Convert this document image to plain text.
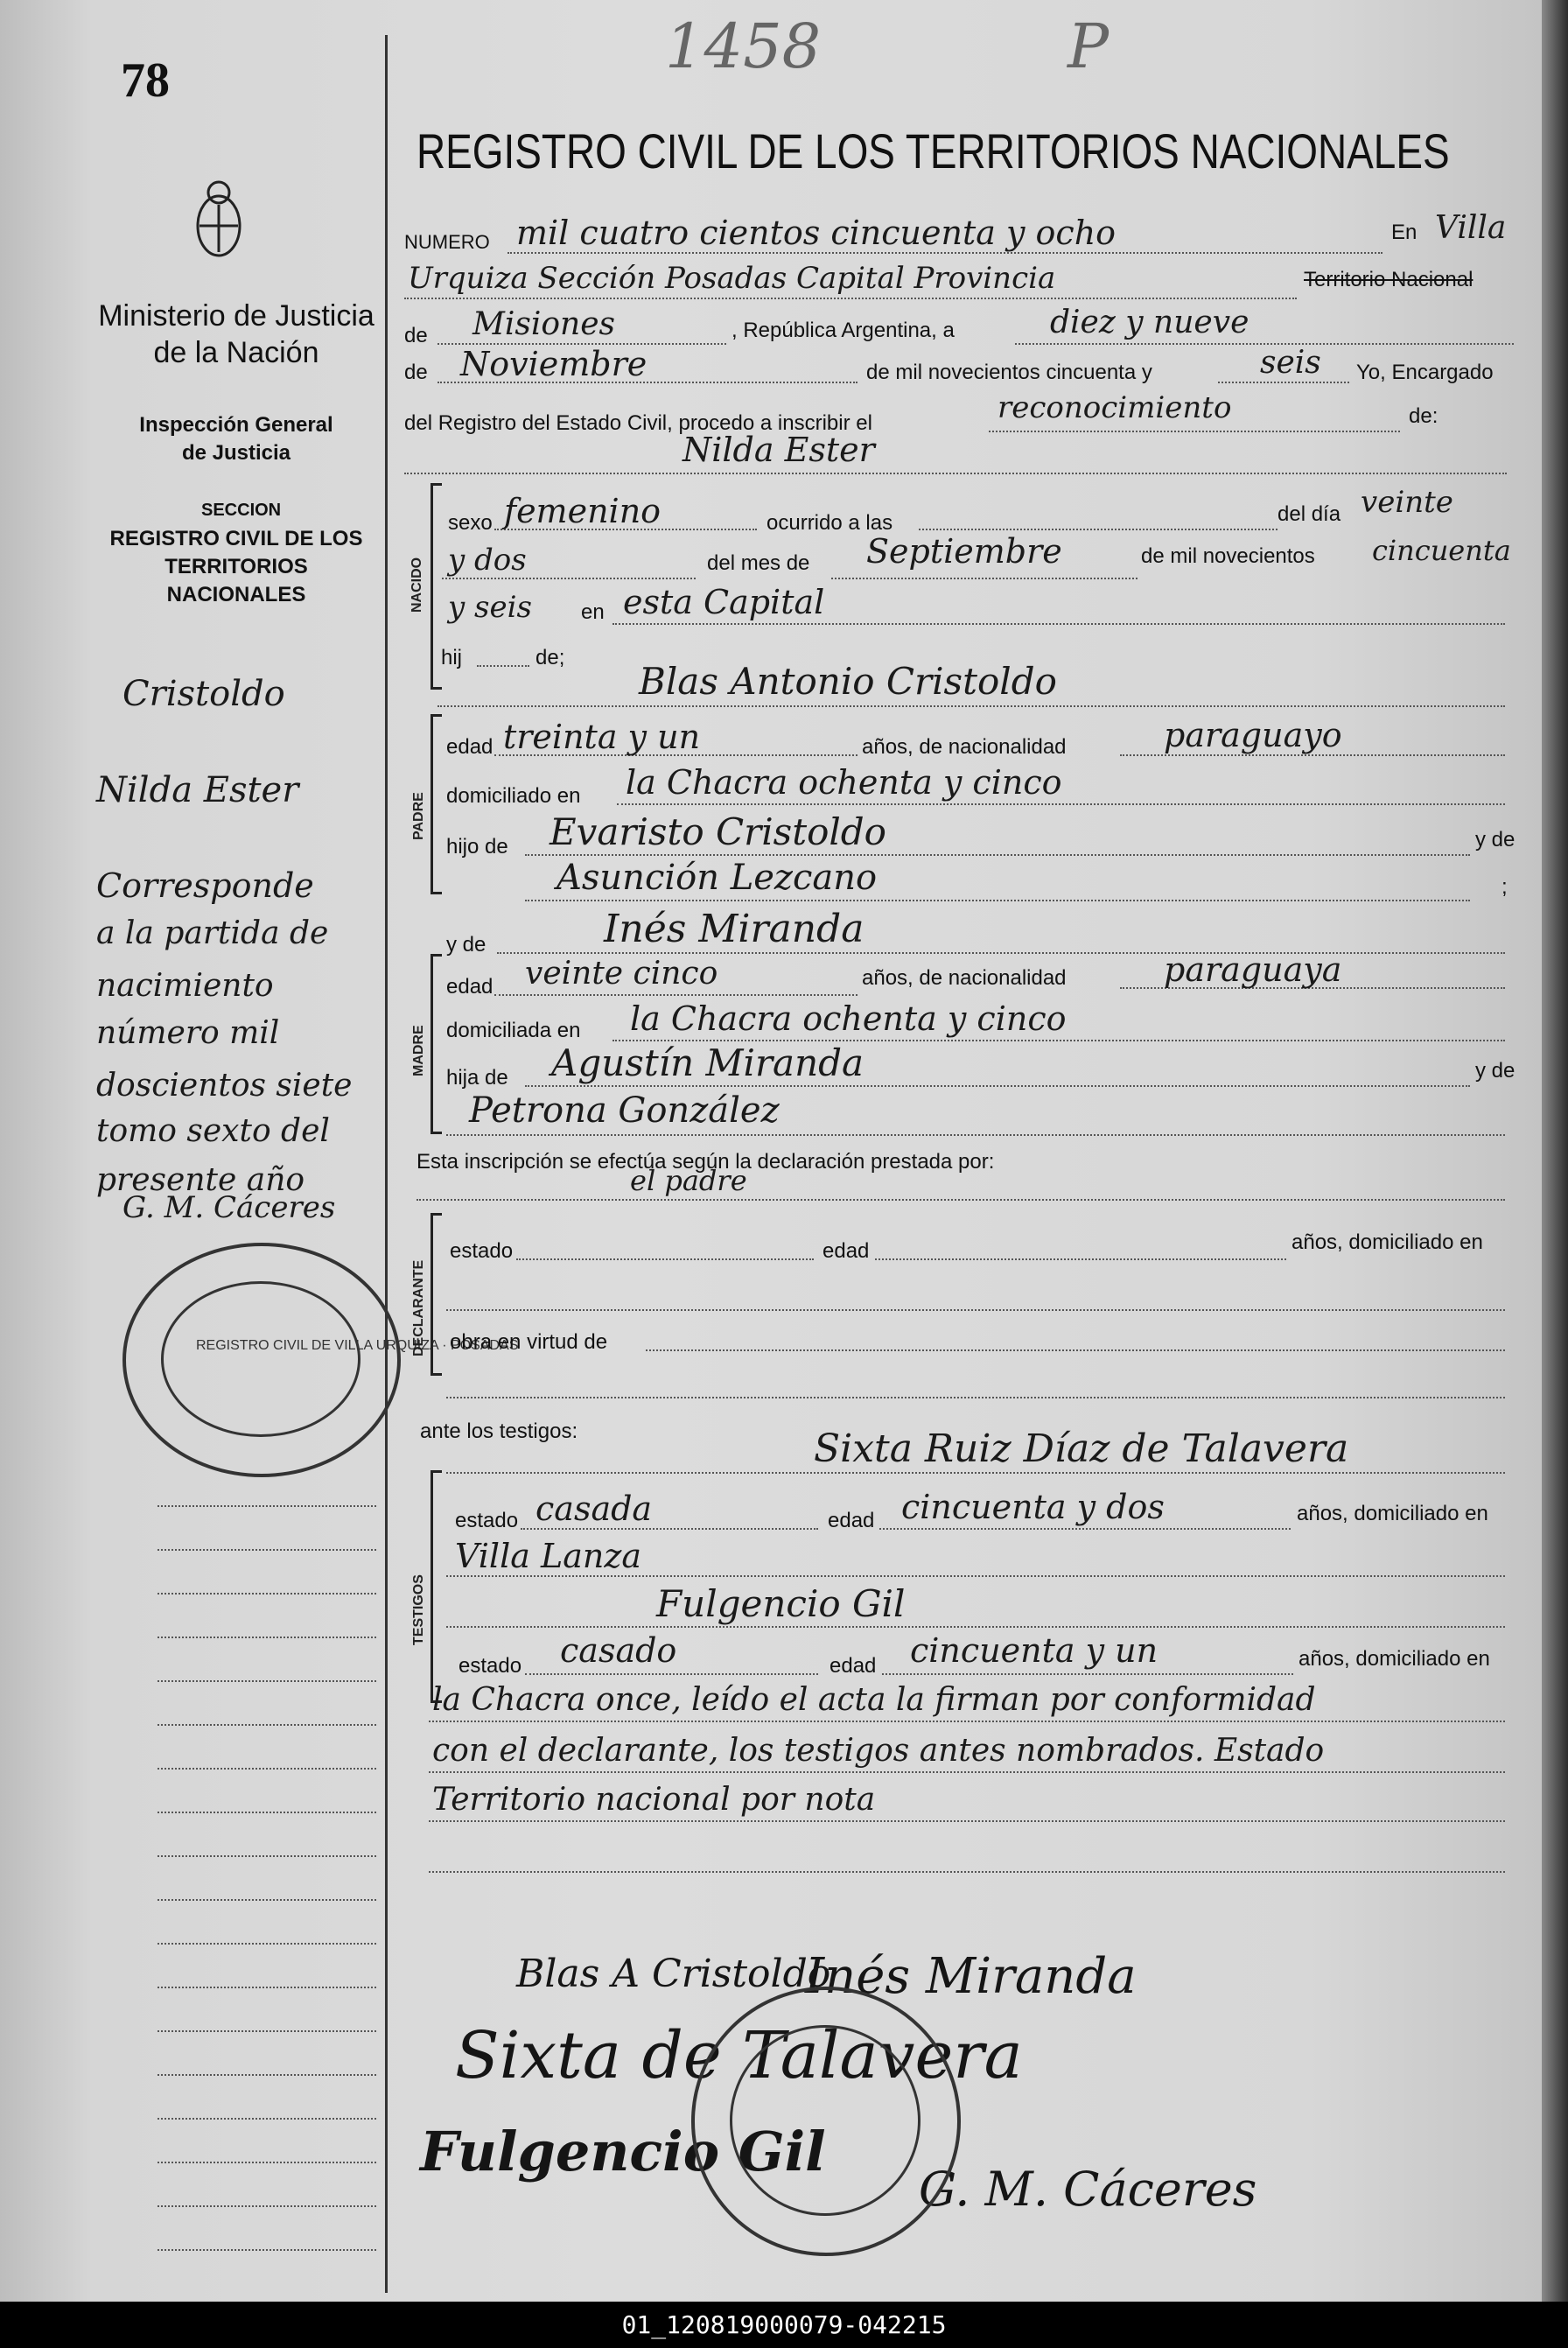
78	1458	P
Ministerio de Justicia de la Nación
Inspección General de Justicia
SECCION
REGISTRO CIVIL DE LOS TERRITORIOS NACIONALES
Cristoldo
Nilda Ester
Corresponde
a la partida de
nacimiento
número mil
doscientos siete
tomo sexto del
presente año
G. M. Cáceres
REGISTRO CIVIL DE VILLA URQUIZA · POSADAS
REGISTRO CIVIL DE LOS TERRITORIOS NACIONALES
NUMERO mil cuatro cientos cincuenta y ocho	En Villa
Urquiza Sección Posadas Capital Provincia	Territorio Nacional
de Misiones	, República Argentina, a	diez y nueve
de Noviembre	de mil novecientos cincuenta y	seis Yo, Encargado
del Registro del Estado Civil, procedo a inscribir el	reconocimiento	de:
Nilda Ester
NACIDO
sexo femenino	ocurrido a las	del día veinte
y dos	del mes de Septiembre	de mil novecientos cincuenta
y seis en esta Capital
hij	de;
Blas Antonio Cristoldo
PADRE
edad treinta y un	años, de nacionalidad	paraguayo
domiciliado en la Chacra ochenta y cinco
hijo de Evaristo Cristoldo	y de
Asunción Lezcano	;
y de	Inés Miranda
MADRE
edad veinte cinco	años, de nacionalidad	paraguaya
domiciliada en la Chacra ochenta y cinco
hija de Agustín Miranda	y de
Petrona González
Esta inscripción se efectúa según la declaración prestada por:
el padre
DECLARANTE
estado	edad	años, domiciliado en
obra en virtud de
ante los testigos:	Sixta Ruiz Díaz de Talavera
TESTIGOS
estado casada	edad cincuenta y dos	años, domiciliado en
Villa Lanza
Fulgencio Gil
estado casado	edad cincuenta y un	años, domiciliado en
la Chacra once, leído el acta la firman por conformidad
con el declarante, los testigos antes nombrados. Estado
Territorio nacional por nota
Blas A Cristoldo
Inés Miranda
Sixta de Talavera
Fulgencio Gil
G. M. Cáceres
01_120819000079-042215
